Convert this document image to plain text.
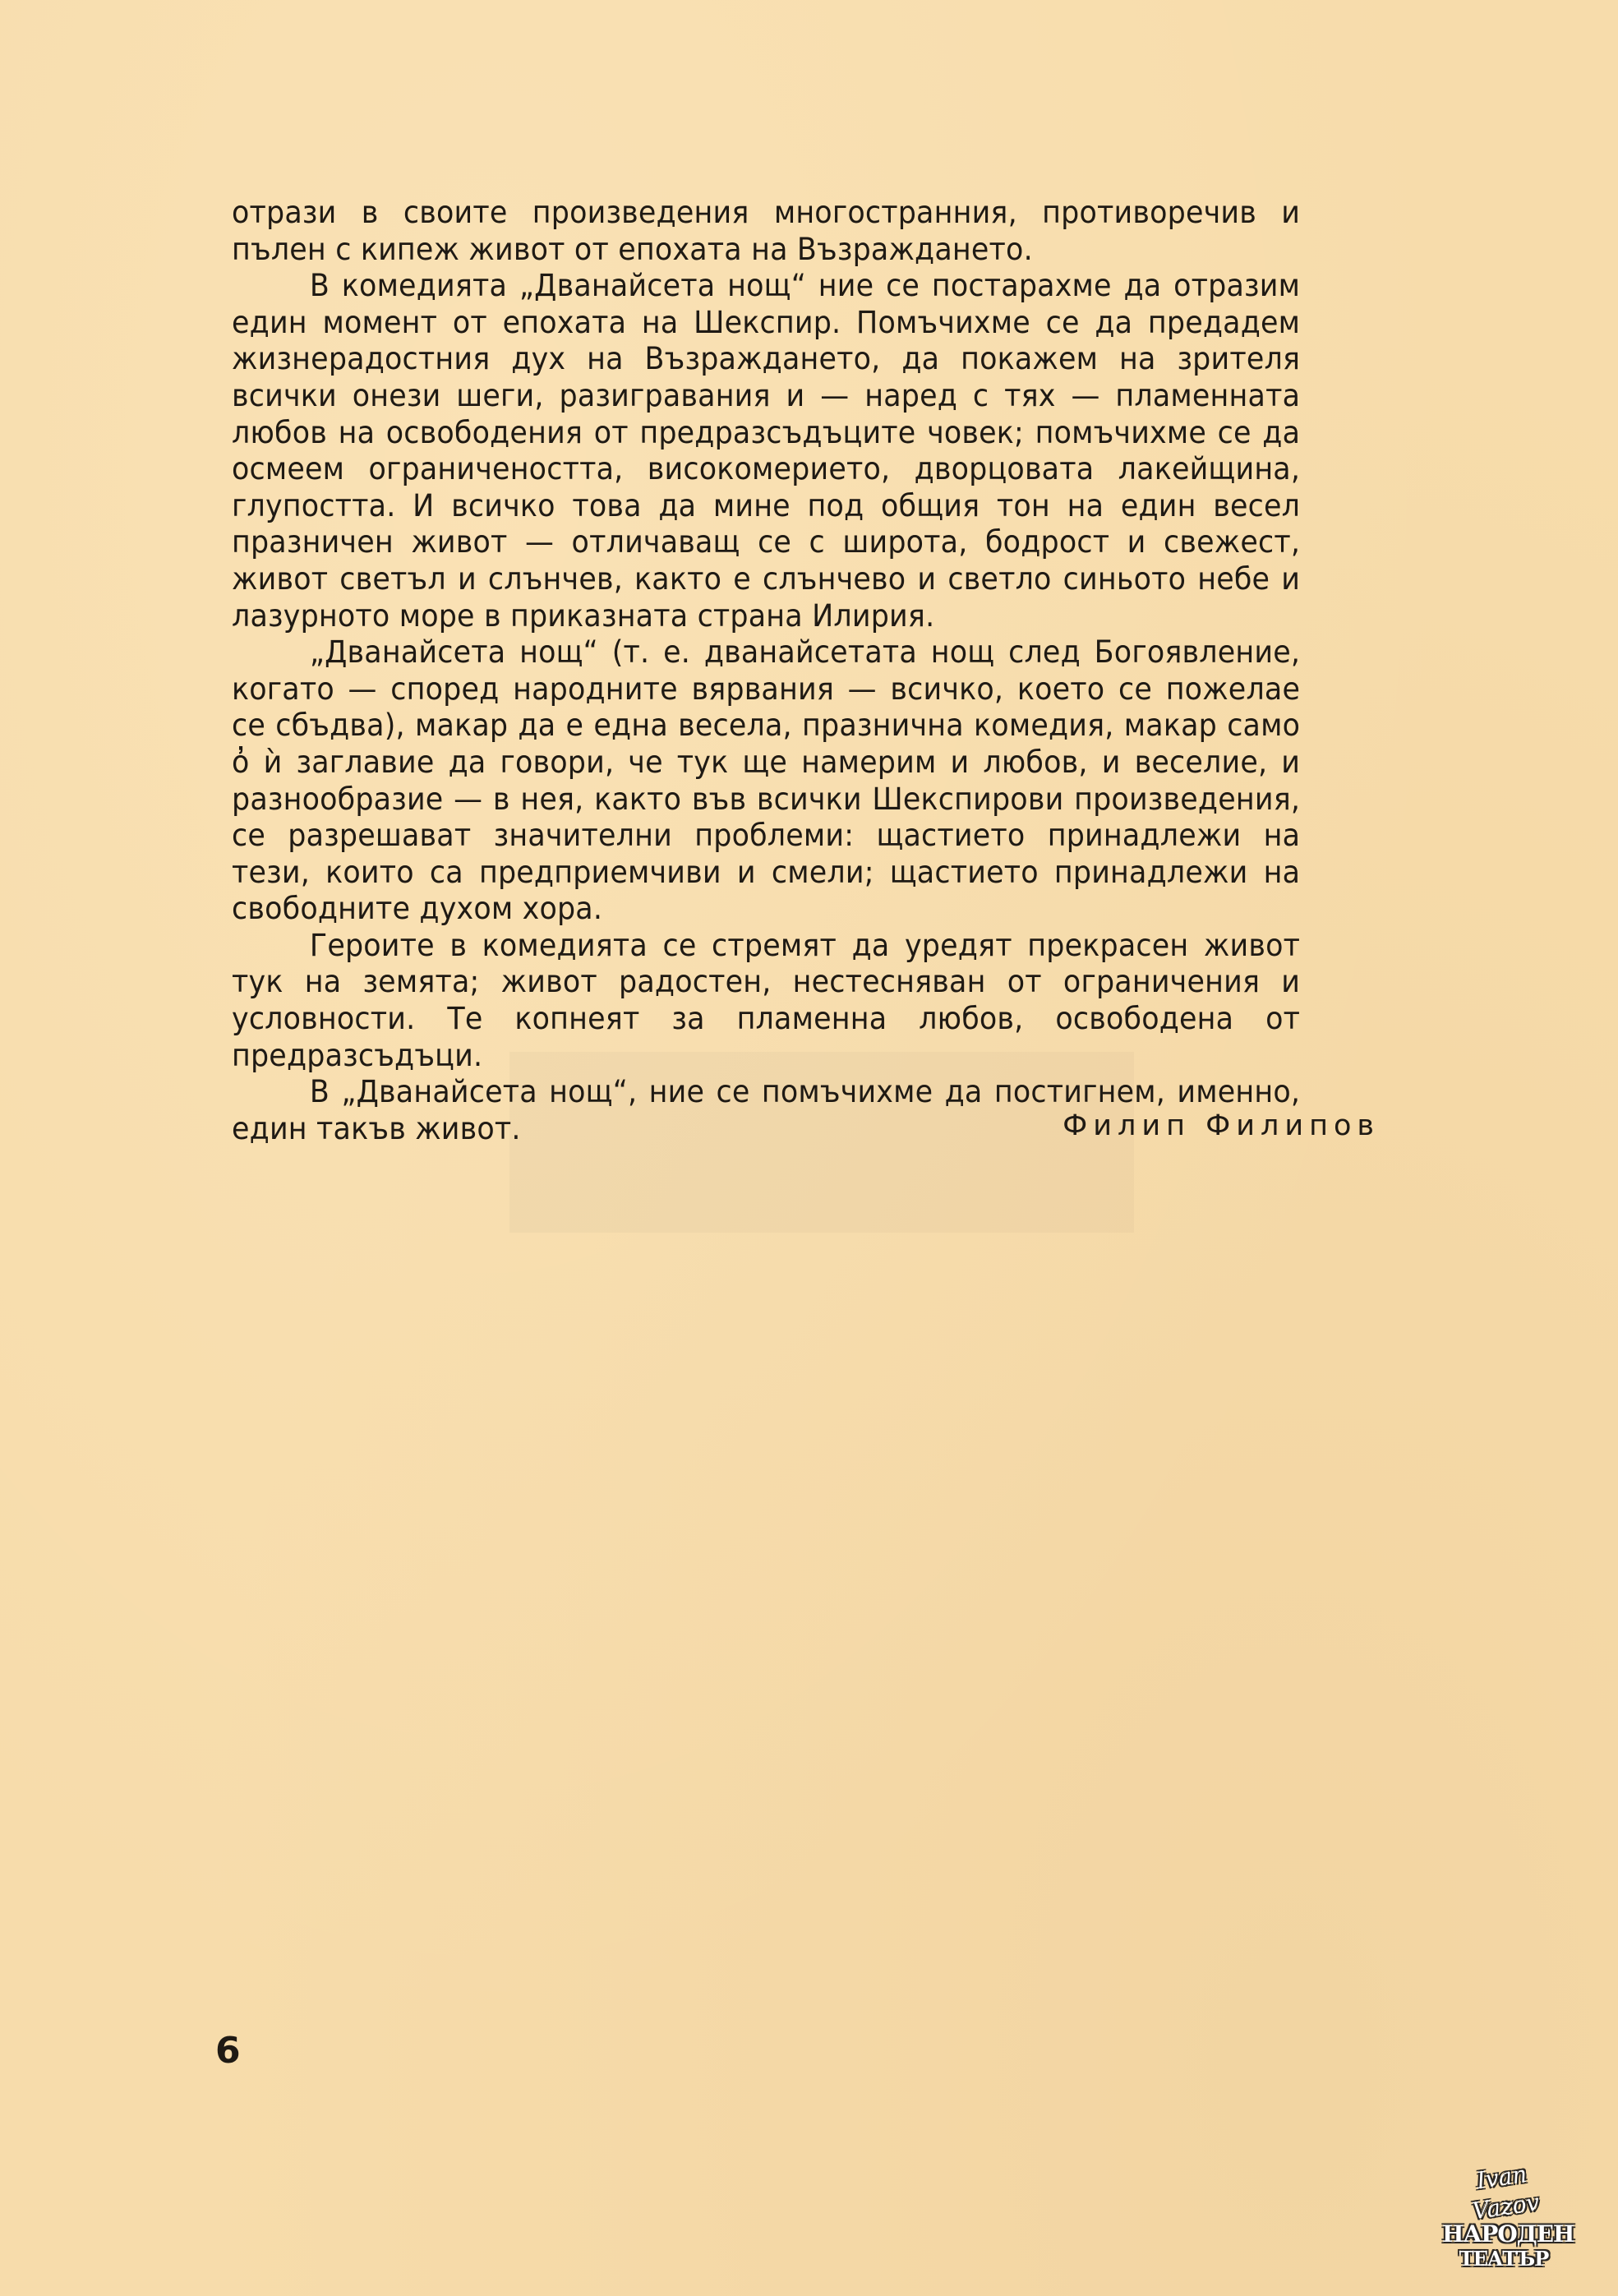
отрази в своите произведения многостранния, противоречив и пълен с кипеж живот от епохата на Възраждането.

В комедията „Дванайсета нощ“ ние се постарахме да отразим един момент от епохата на Шекспир. Помъчихме се да предадем жизнерадостния дух на Възраждането, да покажем на зрителя всички онези шеги, разигравания и — наред с тях — пламенната любов на освободения от предразсъдъците човек; помъчихме се да осмеем ограничеността, високомерието, дворцовата лакейщина, глупостта. И всичко това да мине под общия тон на един весел празничен живот — отличаващ се с широта, бодрост и свежест, живот светъл и слънчев, както е слънчево и светло синьото небе и лазурното море в приказната страна Илирия.

„Дванайсета нощ“ (т. е. дванайсетата нощ след Богоявление, когато — според народните вярвания — всичко, което се пожелае се сбъдва), макар да е една весела, празнична комедия, макар само о̓ ѝ заглавие да говори, че тук ще намерим и любов, и веселие, и разнообразие — в нея, както във всички Шекспирови произведения, се разрешават значителни проблеми: щастието принадлежи на тези, които са предприемчиви и смели; щастието принадлежи на свободните духом хора.

Героите в комедията се стремят да уредят прекрасен живот тук на земята; живот радостен, нестесняван от ограничения и условности. Те копнеят за пламенна любов, освободена от предразсъдъци.

В „Дванайсета нощ“, ние се помъчихме да постигнем, именно, един такъв живот.	Филип Филипов
6
Ivan Vazov
НАРОДЕН
ТЕАТЪР
